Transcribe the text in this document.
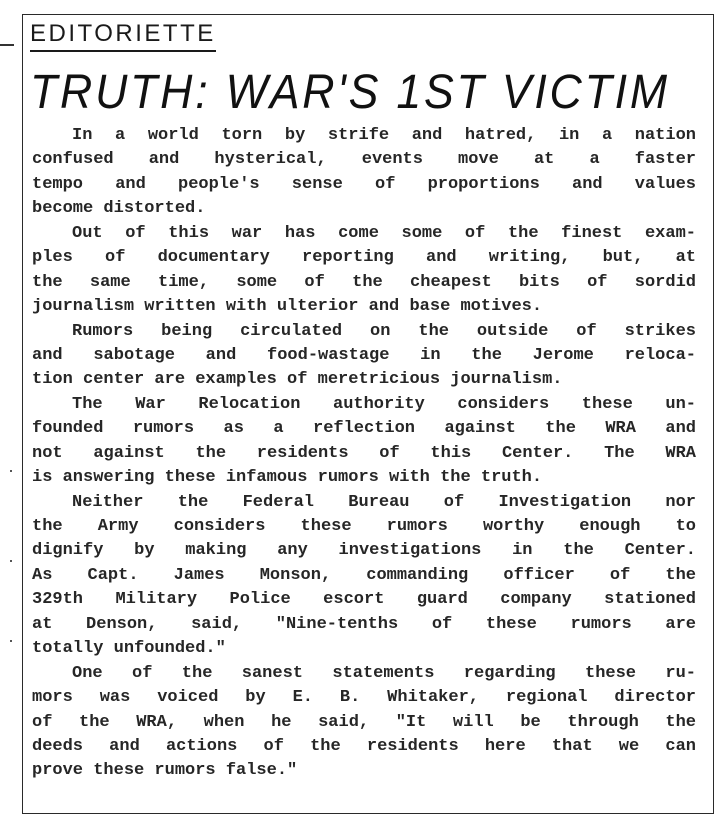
EDITORIETTE
TRUTH: WAR'S 1ST VICTIM
In a world torn by strife and hatred, in a nation
confused and hysterical, events move at a faster
tempo and people's sense of proportions and values
become distorted.
Out of this war has come some of the finest exam-
ples of documentary reporting and writing, but, at
the same time, some of the cheapest bits of sordid
journalism written with ulterior and base motives.
Rumors being circulated on the outside of strikes
and sabotage and food-wastage in the Jerome reloca-
tion center are examples of meretricious journalism.
The War Relocation authority considers these un-
founded rumors as a reflection against the WRA and
not against the residents of this Center. The WRA
is answering these infamous rumors with the truth.
Neither the Federal Bureau of Investigation nor
the Army considers these rumors worthy enough to
dignify by making any investigations in the Center.
As Capt. James Monson, commanding officer of the
329th Military Police escort guard company stationed
at Denson, said, "Nine-tenths of these rumors are
totally unfounded."
One of the sanest statements regarding these ru-
mors was voiced by E. B. Whitaker, regional director
of the WRA, when he said, "It will be through the
deeds and actions of the residents here that we can
prove these rumors false."
